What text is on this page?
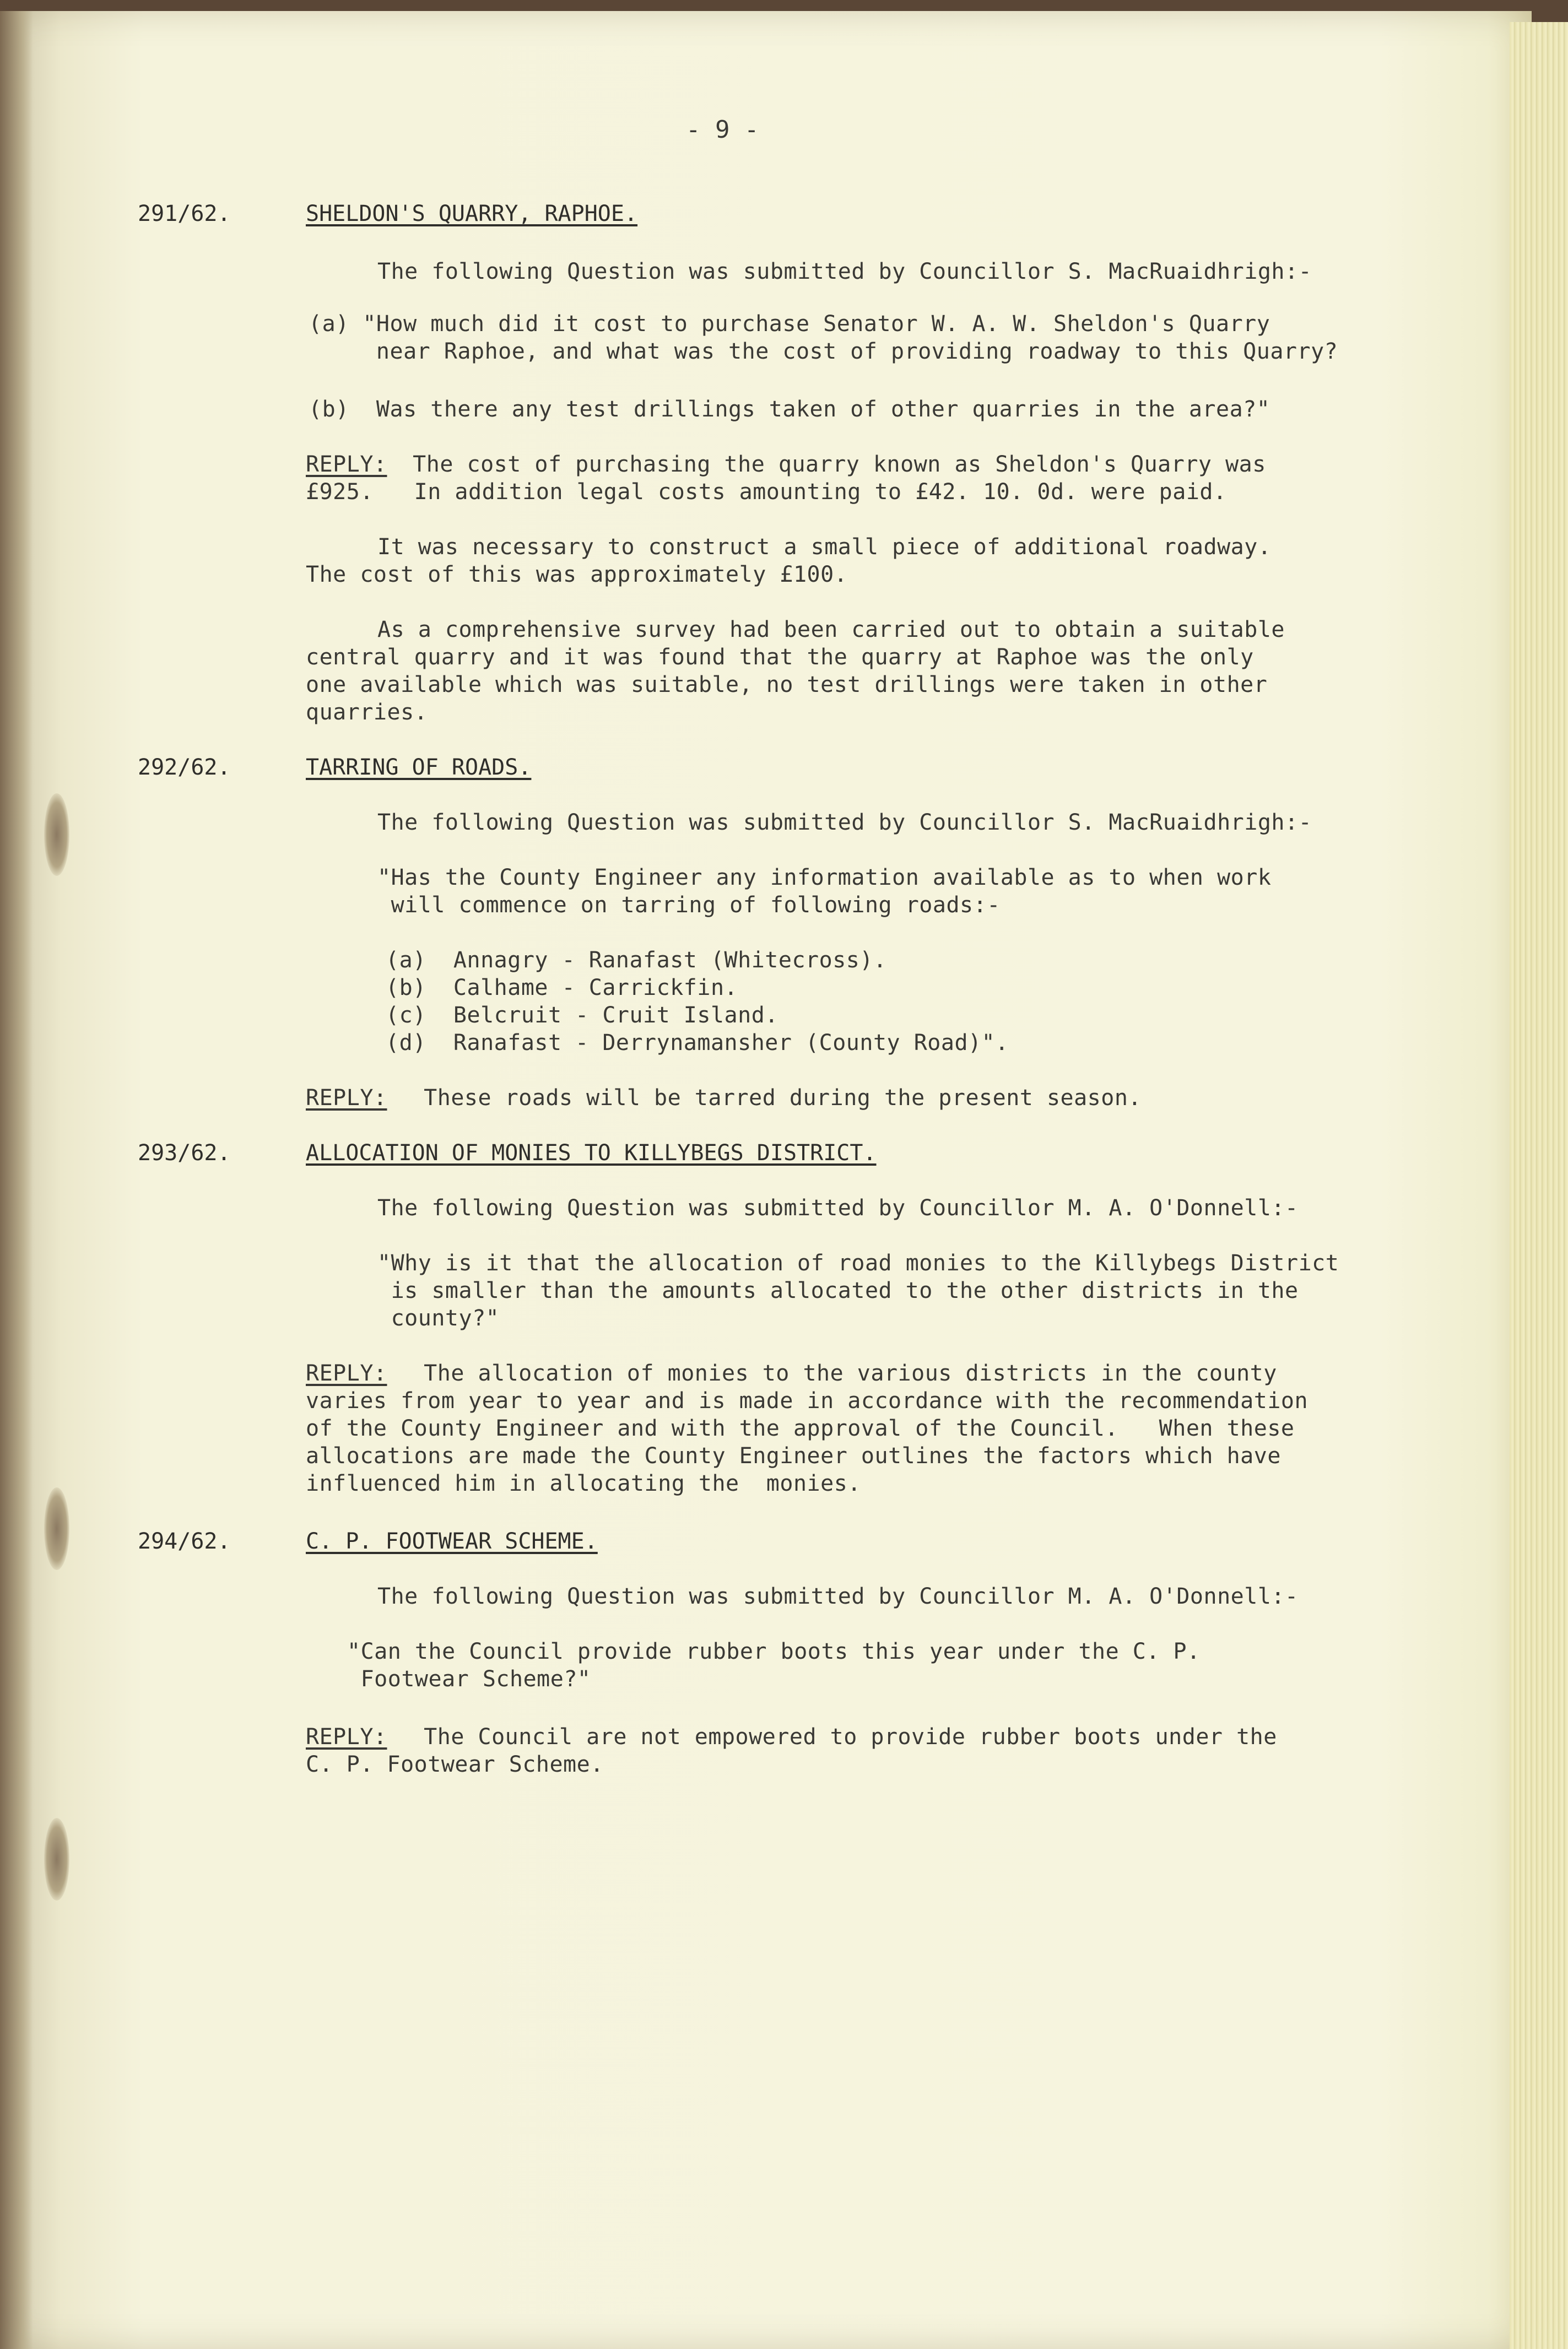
- 9 -
291/62.	SHELDON'S QUARRY, RAPHOE.
The following Question was submitted by Councillor S. MacRuaidhrigh:-
(a) "How much did it cost to purchase Senator W. A. W. Sheldon's Quarry
near Raphoe, and what was the cost of providing roadway to this Quarry?
(b)  Was there any test drillings taken of other quarries in the area?"
REPLY:
The cost of purchasing the quarry known as Sheldon's Quarry was
£925.   In addition legal costs amounting to £42. 10. 0d. were paid.
It was necessary to construct a small piece of additional roadway.
The cost of this was approximately £100.
As a comprehensive survey had been carried out to obtain a suitable
central quarry and it was found that the quarry at Raphoe was the only
one available which was suitable, no test drillings were taken in other
quarries.
292/62.	TARRING OF ROADS.
The following Question was submitted by Councillor S. MacRuaidhrigh:-
"Has the County Engineer any information available as to when work
will commence on tarring of following roads:-
(a)  Annagry - Ranafast (Whitecross).
(b)  Calhame - Carrickfin.
(c)  Belcruit - Cruit Island.
(d)  Ranafast - Derrynamansher (County Road)".
REPLY: These roads will be tarred during the present season.
293/62.	ALLOCATION OF MONIES TO KILLYBEGS DISTRICT.
The following Question was submitted by Councillor M. A. O'Donnell:-
"Why is it that the allocation of road monies to the Killybegs District
is smaller than the amounts allocated to the other districts in the
county?"
REPLY: The allocation of monies to the various districts in the county
varies from year to year and is made in accordance with the recommendation
of the County Engineer and with the approval of the Council.   When these
allocations are made the County Engineer outlines the factors which have
influenced him in allocating the  monies.
294/62.	C. P. FOOTWEAR SCHEME.
The following Question was submitted by Councillor M. A. O'Donnell:-
"Can the Council provide rubber boots this year under the C. P.
Footwear Scheme?"
REPLY: The Council are not empowered to provide rubber boots under the
C. P. Footwear Scheme.
